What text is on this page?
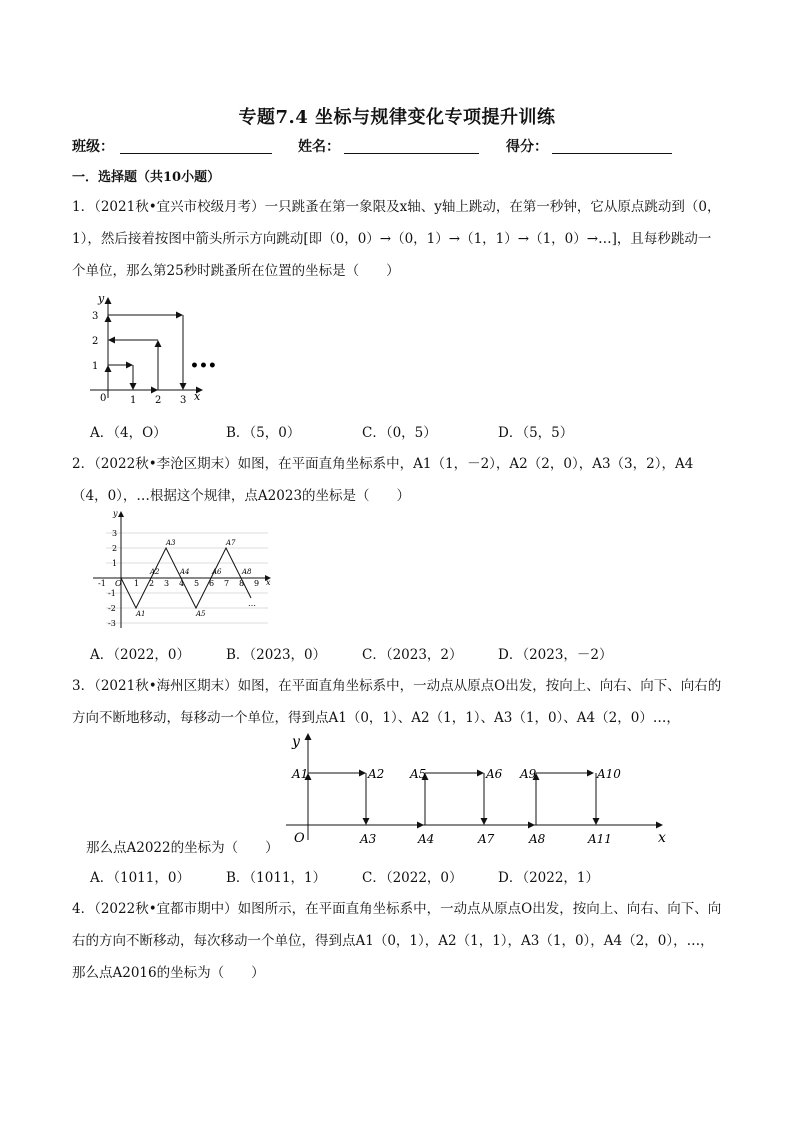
专题7.4 坐标与规律变化专项提升训练
班级：	姓名：	得分：
一．选择题（共10小题）
1．（2021秋•宜兴市校级月考）一只跳蚤在第一象限及x轴、y轴上跳动，在第一秒钟，它从原点跳动到（0，1），然后接着按图中箭头所示方向跳动[即（0，0）→（0，1）→（1，1）→（1，0）→…]，且每秒跳动一个单位，那么第25秒时跳蚤所在位置的坐标是（　　）
x
y
0 1 2 3
1
2
3
•••
A．（4，O）	B．（5，0）	C．（0，5）	D．（5，5）
2．（2022秋•李沧区期末）如图，在平面直角坐标系中，A1（1，－2），A2（2，0），A3（3，2），A4（4，0），…根据这个规律，点A2023的坐标是（　　）
x
y
O
-1	1 2 3 4 5 6 7 8 9
3
2
1
-1
-2
-3
A1
A2
A3
A4
A5
A6
A7
A8
…
A．（2022，0）	B．（2023，0）	C．（2023，2）	D．（2023，－2）
3．（2021秋•海州区期末）如图，在平面直角坐标系中，一动点从原点O出发，按向上、向右、向下、向右的方向不断地移动，每移动一个单位，得到点A1（0，1）、A2（1，1）、A3（1，0）、A4（2，0）…，
x
y
O
A1	A2
A3	A4
A5	A6
A7	A8
A9	A10
A11
那么点A2022的坐标为（　　）
A．（1011，0）	B．（1011，1）	C．（2022，0）	D．（2022，1）
4．（2022秋•宜都市期中）如图所示，在平面直角坐标系中，一动点从原点O出发，按向上、向右、向下、向右的方向不断移动，每次移动一个单位，得到点A1（0，1），A2（1，1），A3（1，0），A4（2，0），…，那么点A2016的坐标为（　　）
